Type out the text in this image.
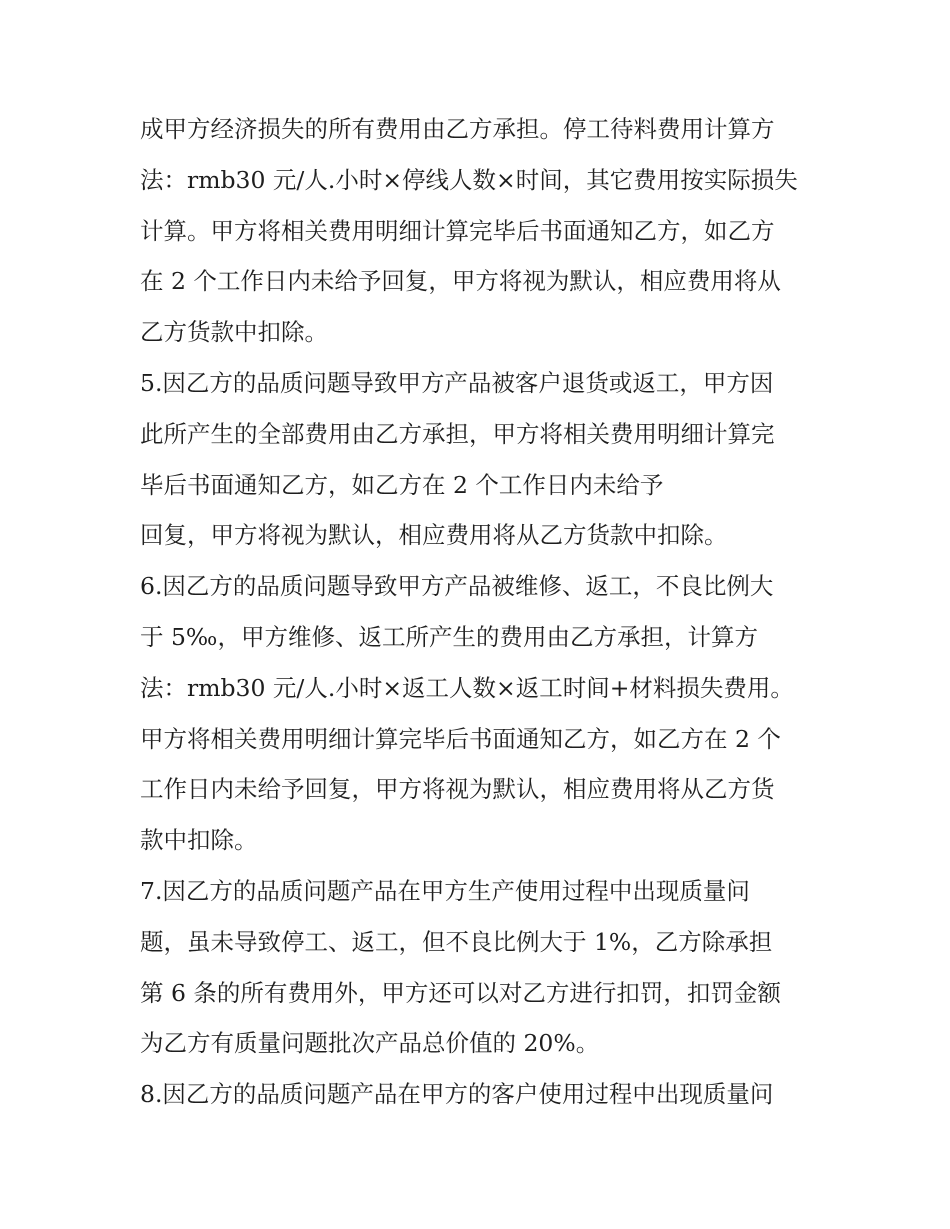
成甲方经济损失的所有费用由乙方承担。停工待料费用计算方
法：rmb30 元/人.小时×停线人数×时间，其它费用按实际损失
计算。甲方将相关费用明细计算完毕后书面通知乙方，如乙方
在 2 个工作日内未给予回复，甲方将视为默认，相应费用将从
乙方货款中扣除。
5.因乙方的品质问题导致甲方产品被客户退货或返工，甲方因
此所产生的全部费用由乙方承担，甲方将相关费用明细计算完
毕后书面通知乙方，如乙方在 2 个工作日内未给予
回复，甲方将视为默认，相应费用将从乙方货款中扣除。
6.因乙方的品质问题导致甲方产品被维修、返工，不良比例大
于 5‰，甲方维修、返工所产生的费用由乙方承担，计算方
法：rmb30 元/人.小时×返工人数×返工时间+材料损失费用。
甲方将相关费用明细计算完毕后书面通知乙方，如乙方在 2 个
工作日内未给予回复，甲方将视为默认，相应费用将从乙方货
款中扣除。
7.因乙方的品质问题产品在甲方生产使用过程中出现质量问
题，虽未导致停工、返工，但不良比例大于 1%，乙方除承担
第 6 条的所有费用外，甲方还可以对乙方进行扣罚，扣罚金额
为乙方有质量问题批次产品总价值的 20%。
8.因乙方的品质问题产品在甲方的客户使用过程中出现质量问
